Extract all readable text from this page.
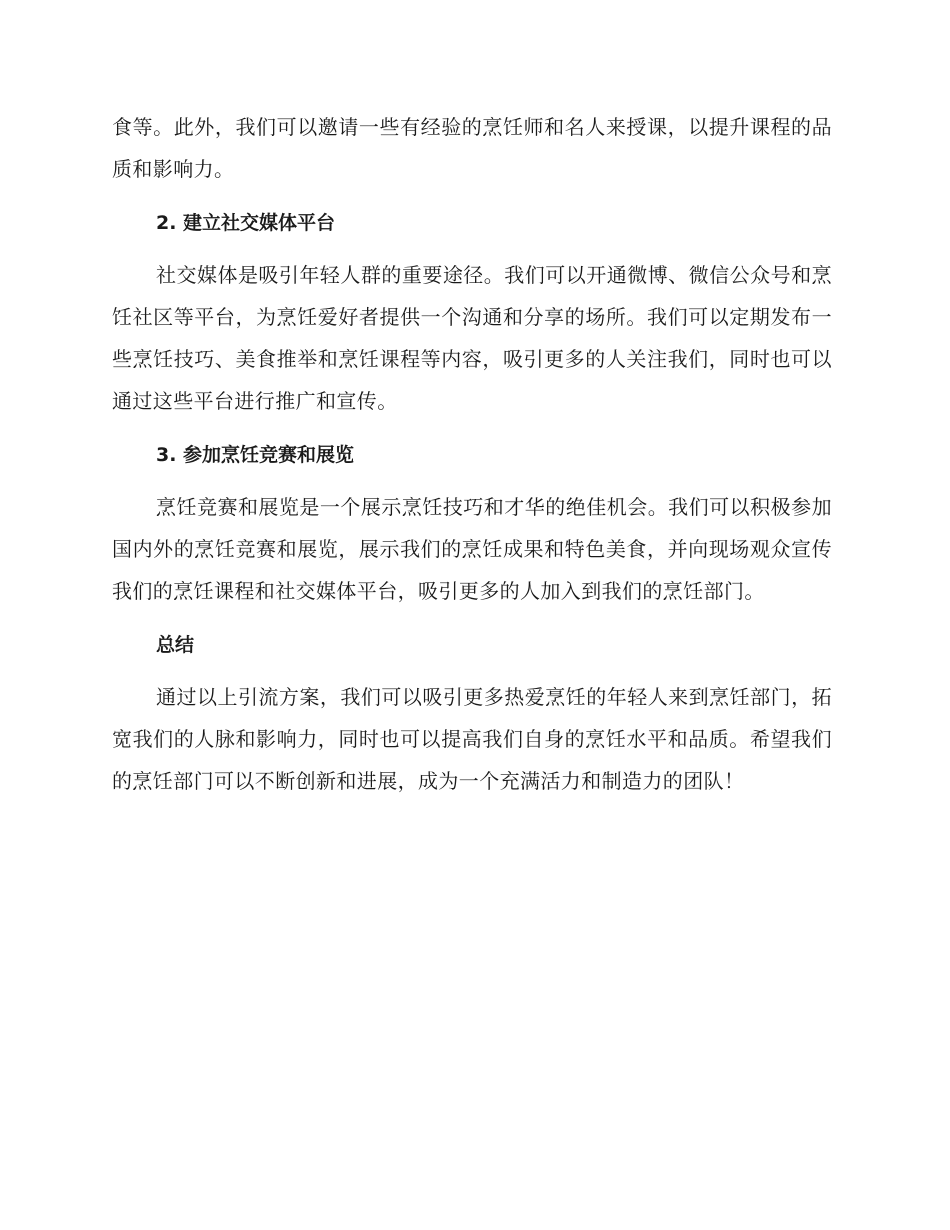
食等。此外，我们可以邀请一些有经验的烹饪师和名人来授课，以提升课程的品质和影响力。

2. 建立社交媒体平台

社交媒体是吸引年轻人群的重要途径。我们可以开通微博、微信公众号和烹饪社区等平台，为烹饪爱好者提供一个沟通和分享的场所。我们可以定期发布一些烹饪技巧、美食推举和烹饪课程等内容，吸引更多的人关注我们，同时也可以通过这些平台进行推广和宣传。

3. 参加烹饪竞赛和展览

烹饪竞赛和展览是一个展示烹饪技巧和才华的绝佳机会。我们可以积极参加国内外的烹饪竞赛和展览，展示我们的烹饪成果和特色美食，并向现场观众宣传我们的烹饪课程和社交媒体平台，吸引更多的人加入到我们的烹饪部门。

总结

通过以上引流方案，我们可以吸引更多热爱烹饪的年轻人来到烹饪部门，拓宽我们的人脉和影响力，同时也可以提高我们自身的烹饪水平和品质。希望我们的烹饪部门可以不断创新和进展，成为一个充满活力和制造力的团队！
